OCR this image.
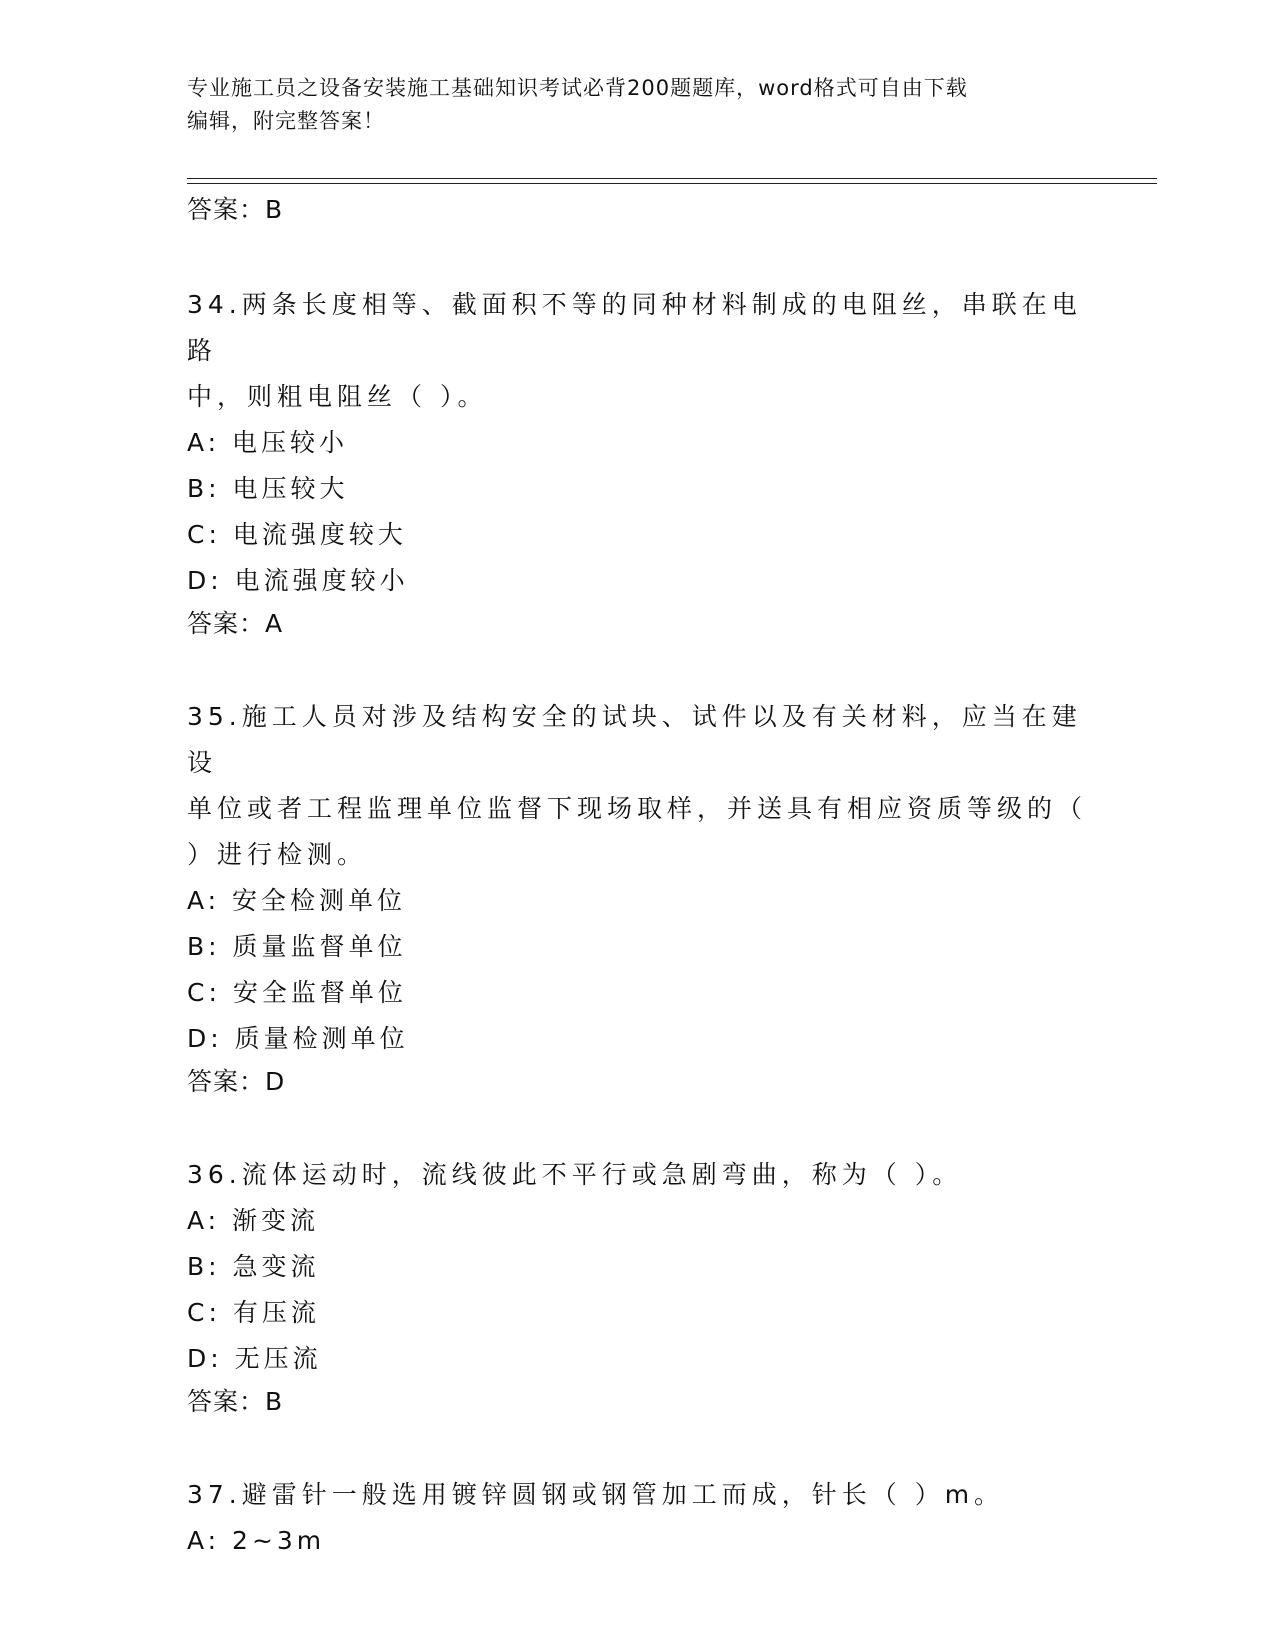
专业施工员之设备安装施工基础知识考试必背200题题库，word格式可自由下载
编辑，附完整答案！
答案：B
34.两条长度相等、截面积不等的同种材料制成的电阻丝，串联在电路
中，则粗电阻丝（ ）。
A: 电压较小
B: 电压较大
C: 电流强度较大
D: 电流强度较小
答案：A
35.施工人员对涉及结构安全的试块、试件以及有关材料，应当在建设
单位或者工程监理单位监督下现场取样，并送具有相应资质等级的（
）进行检测。
A: 安全检测单位
B: 质量监督单位
C: 安全监督单位
D: 质量检测单位
答案：D
36.流体运动时，流线彼此不平行或急剧弯曲，称为（ ）。
A: 渐变流
B: 急变流
C: 有压流
D: 无压流
答案：B
37.避雷针一般选用镀锌圆钢或钢管加工而成，针长（ ）m。
A: 2~3m
